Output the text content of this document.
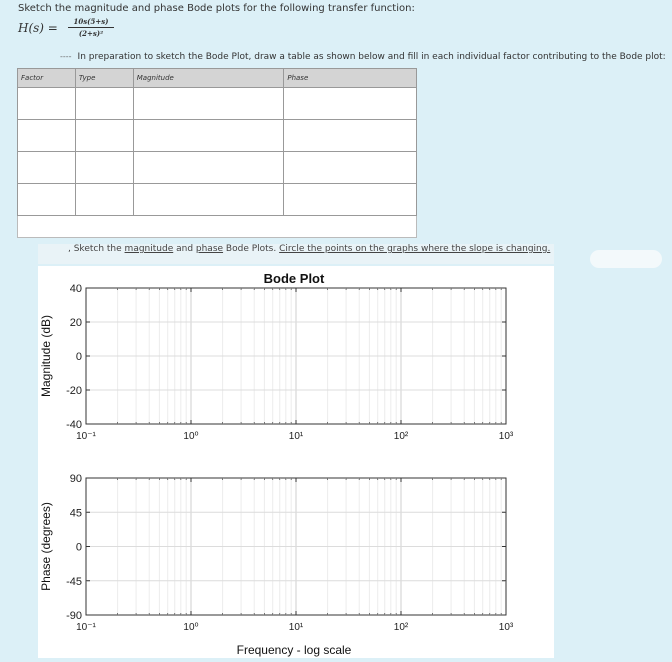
Sketch the magnitude and phase Bode plots for the following transfer function:
$H(s) = \frac{10s(5+s)}{\text{(2+s)²}}$
---- In preparation to sketch the Bode Plot, draw a table as shown below and fill in each individual factor contributing to the Bode plot:
Factor	Type	Magnitude	Phase

, Sketch the magnitude and phase Bode Plots. Circle the points on the graphs where the slope is changing.
Bode Plot
40
20
0
-20
-40
10⁻¹	10⁰	10¹	10²	10³
Magnitude (dB)
90
45
0
-45
-90
10⁻¹	10⁰	10¹	10²	10³
Phase (degrees)
Frequency - log scale
